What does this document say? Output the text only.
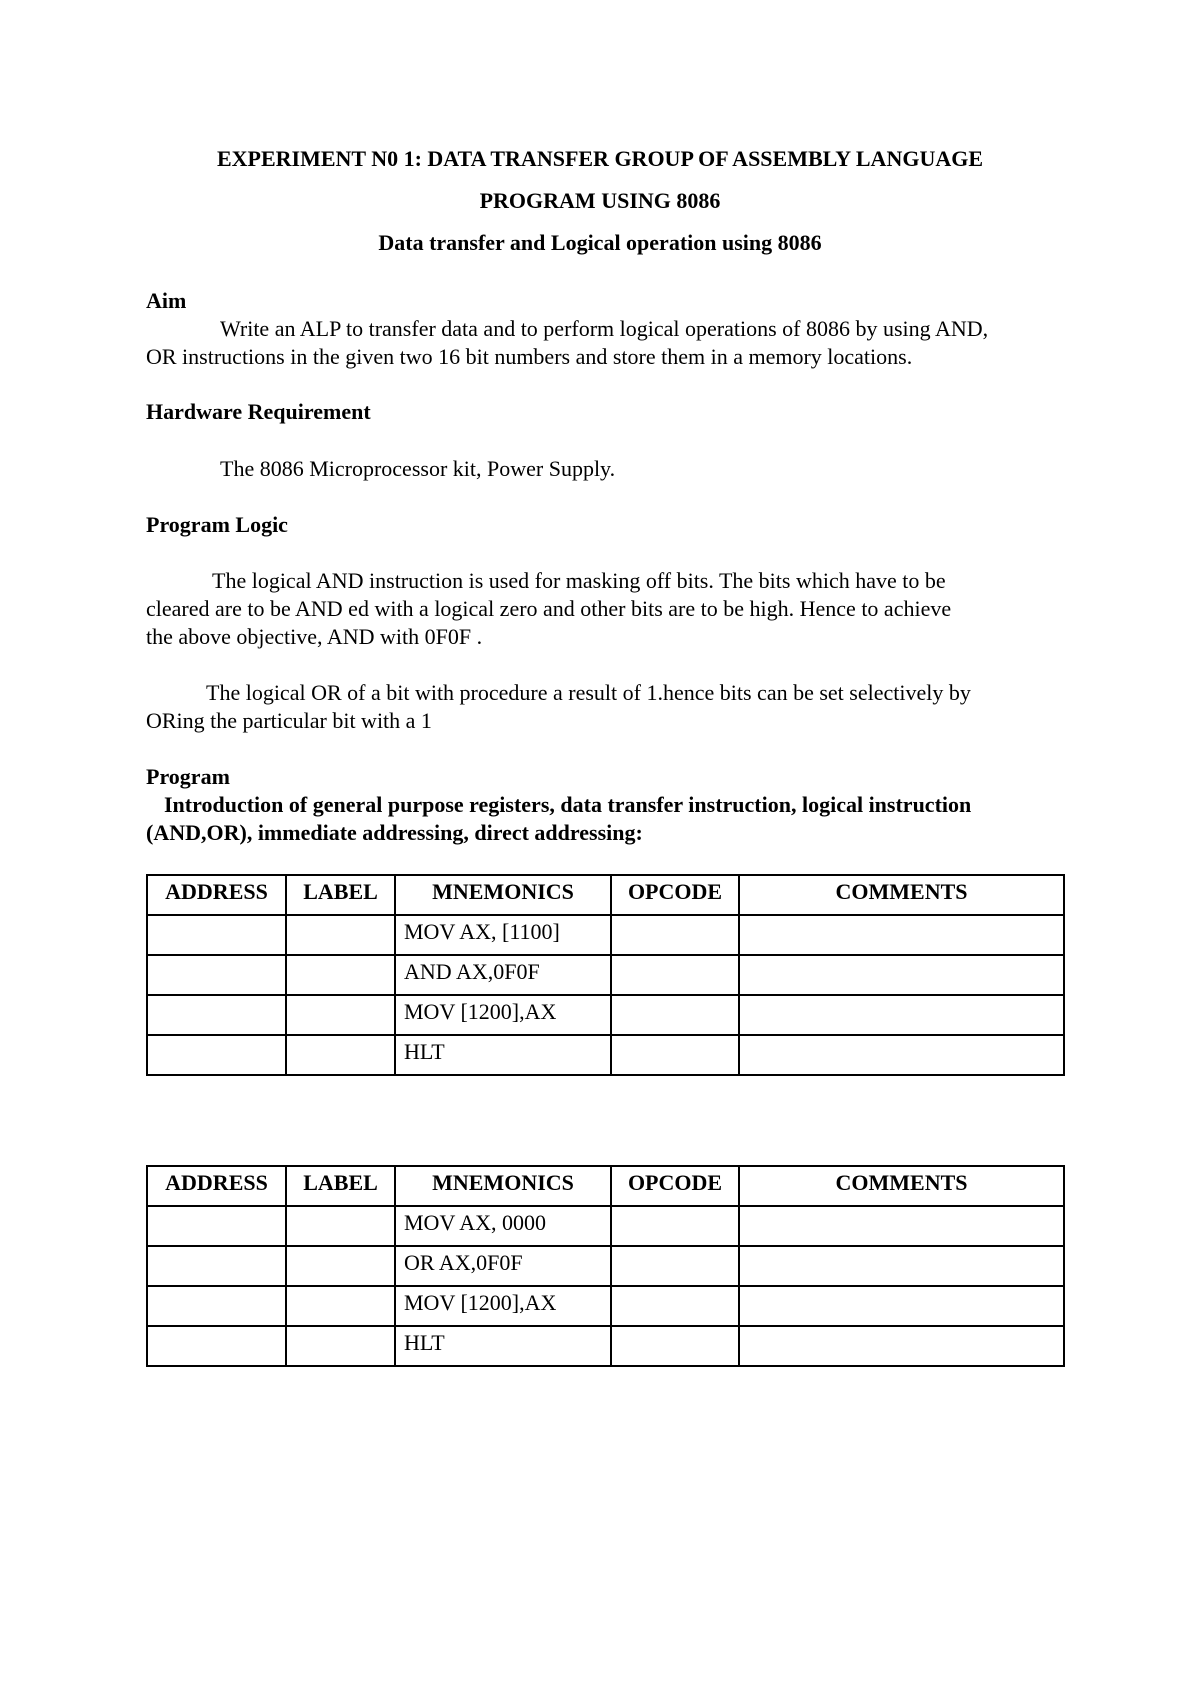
EXPERIMENT N0 1: DATA TRANSFER GROUP OF ASSEMBLY LANGUAGE
PROGRAM USING 8086
Data transfer and Logical operation using 8086
Aim
Write an ALP to transfer data and to perform logical operations of 8086 by using AND,
OR instructions in the given two 16 bit numbers and store them in a memory locations.
Hardware Requirement
The 8086 Microprocessor kit, Power Supply.
Program Logic
The logical AND instruction is used for masking off bits. The bits which have to be
cleared are to be AND ed with a logical zero and other bits are to be high. Hence to achieve
the above objective, AND with 0F0F .
The logical OR of a bit with procedure a result of 1.hence bits can be set selectively by
ORing the particular bit with a 1
Program
Introduction of general purpose registers, data transfer instruction, logical instruction
(AND,OR), immediate addressing, direct addressing:
ADDRESS	LABEL	MNEMONICS	OPCODE	COMMENTS
		MOV AX, [1100]		
		AND AX,0F0F		
		MOV [1200],AX		
		HLT		
ADDRESS	LABEL	MNEMONICS	OPCODE	COMMENTS
		MOV AX, 0000		
		OR AX,0F0F		
		MOV [1200],AX		
		HLT		
